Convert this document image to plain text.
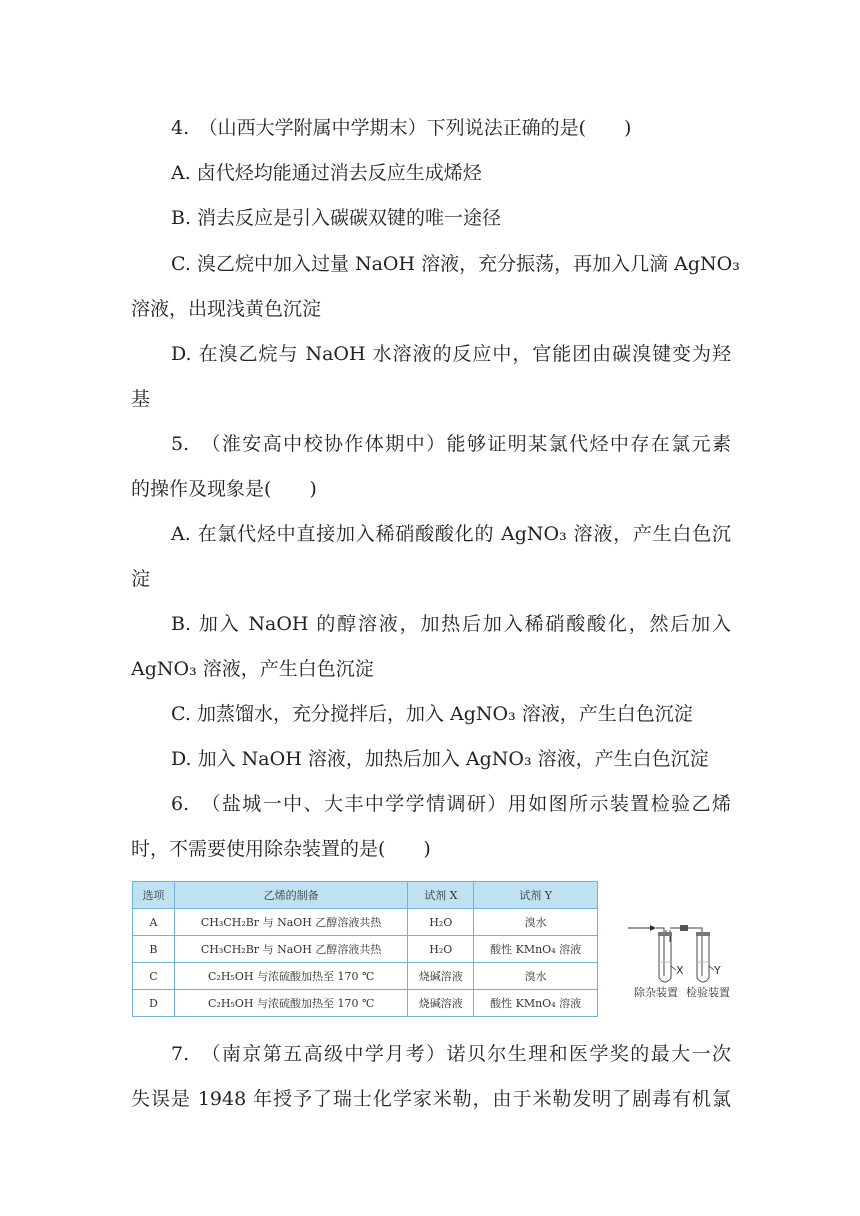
4.　（山西大学附属中学期末）下列说法正确的是(　　)
A. 卤代烃均能通过消去反应生成烯烃
B. 消去反应是引入碳碳双键的唯一途径
C. 溴乙烷中加入过量 NaOH 溶液，充分振荡，再加入几滴 AgNO₃
溶液，出现浅黄色沉淀
D. 在溴乙烷与 NaOH 水溶液的反应中，官能团由碳溴键变为羟
基
5.　（淮安高中校协作体期中）能够证明某氯代烃中存在氯元素
的操作及现象是(　　)
A. 在氯代烃中直接加入稀硝酸酸化的 AgNO₃ 溶液，产生白色沉
淀
B. 加入 NaOH 的醇溶液，加热后加入稀硝酸酸化，然后加入
AgNO₃ 溶液，产生白色沉淀
C. 加蒸馏水，充分搅拌后，加入 AgNO₃ 溶液，产生白色沉淀
D. 加入 NaOH 溶液，加热后加入 AgNO₃ 溶液，产生白色沉淀
6.　（盐城一中、大丰中学学情调研）用如图所示装置检验乙烯
时，不需要使用除杂装置的是(　　)
选项	乙烯的制备	试剂 X	试剂 Y
A	CH₃CH₂Br 与 NaOH 乙醇溶液共热	H₂O	溴水
B	CH₃CH₂Br 与 NaOH 乙醇溶液共热	H₂O	酸性 KMnO₄ 溶液
C	C₂H₅OH 与浓硫酸加热至 170 ℃	烧碱溶液	溴水
D	C₂H₅OH 与浓硫酸加热至 170 ℃	烧碱溶液	酸性 KMnO₄ 溶液
X	Y
除杂装置 检验装置
7.　（南京第五高级中学月考）诺贝尔生理和医学奖的最大一次
失误是 1948 年授予了瑞士化学家米勒，由于米勒发明了剧毒有机氯
